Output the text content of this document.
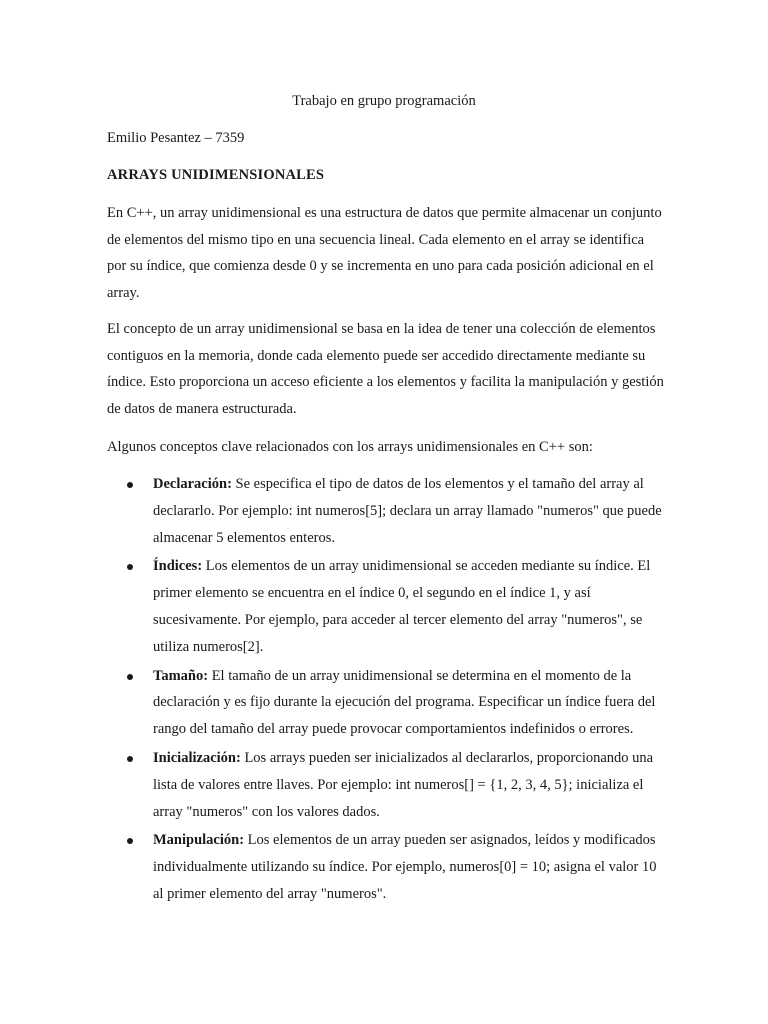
Trabajo en grupo programación
Emilio Pesantez – 7359
ARRAYS UNIDIMENSIONALES

En C++, un array unidimensional es una estructura de datos que permite almacenar un conjunto de elementos del mismo tipo en una secuencia lineal. Cada elemento en el array se identifica por su índice, que comienza desde 0 y se incrementa en uno para cada posición adicional en el array.

El concepto de un array unidimensional se basa en la idea de tener una colección de elementos contiguos en la memoria, donde cada elemento puede ser accedido directamente mediante su índice. Esto proporciona un acceso eficiente a los elementos y facilita la manipulación y gestión de datos de manera estructurada.

Algunos conceptos clave relacionados con los arrays unidimensionales en C++ son:

Declaración: Se especifica el tipo de datos de los elementos y el tamaño del array al declararlo. Por ejemplo: int numeros[5]; declara un array llamado "numeros" que puede almacenar 5 elementos enteros.
Índices: Los elementos de un array unidimensional se acceden mediante su índice. El primer elemento se encuentra en el índice 0, el segundo en el índice 1, y así sucesivamente. Por ejemplo, para acceder al tercer elemento del array "numeros", se utiliza numeros[2].
Tamaño: El tamaño de un array unidimensional se determina en el momento de la declaración y es fijo durante la ejecución del programa. Especificar un índice fuera del rango del tamaño del array puede provocar comportamientos indefinidos o errores.
Inicialización: Los arrays pueden ser inicializados al declararlos, proporcionando una lista de valores entre llaves. Por ejemplo: int numeros[] = {1, 2, 3, 4, 5}; inicializa el array "numeros" con los valores dados.
Manipulación: Los elementos de un array pueden ser asignados, leídos y modificados individualmente utilizando su índice. Por ejemplo, numeros[0] = 10; asigna el valor 10 al primer elemento del array "numeros".
